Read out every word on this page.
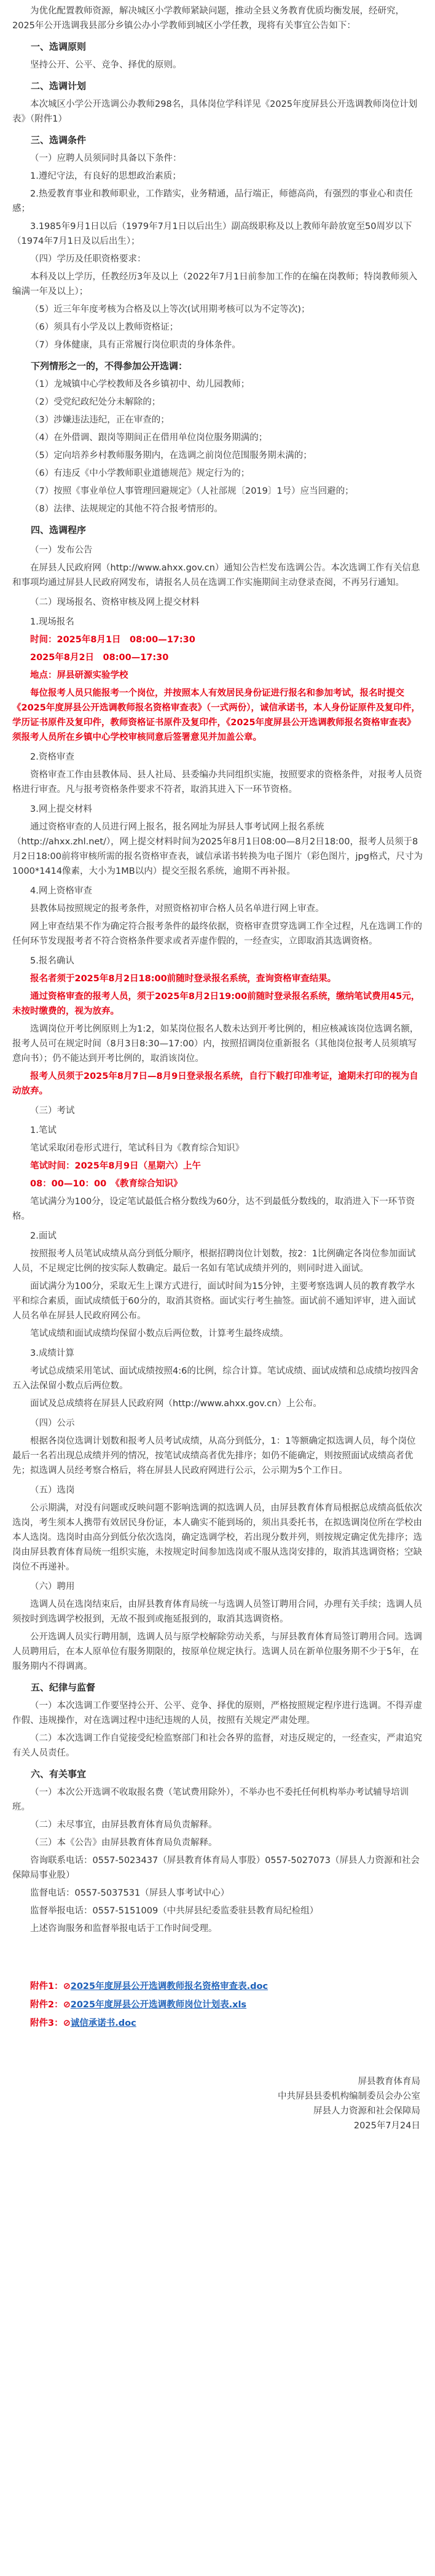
为优化配置教师资源，解决城区小学教师紧缺问题，推动全县义务教育优质均衡发展，经研究，2025年公开选调我县部分乡镇公办小学教师到城区小学任教，现将有关事宜公告如下：

一、选调原则

坚持公开、公平、竞争、择优的原则。

二、选调计划

本次城区小学公开选调公办教师298名，具体岗位学科详见《2025年度屏县公开选调教师岗位计划表》（附件1）

三、选调条件

（一）应聘人员须同时具备以下条件：

1.遵纪守法，有良好的思想政治素质；

2.热爱教育事业和教师职业，工作踏实，业务精通，品行端正，师德高尚，有强烈的事业心和责任感；

3.1985年9月1日以后（1979年7月1日以后出生）副高级职称及以上教师年龄放宽至50周岁以下（1974年7月1日及以后出生）；

（四）学历及任职资格要求：

本科及以上学历，任教经历3年及以上（2022年7月1日前参加工作的在编在岗教师；特岗教师须入编满一年及以上）；

（5）近三年年度考核为合格及以上等次(试用期考核可以为不定等次)；

（6）须具有小学及以上教师资格证；

（7）身体健康，具有正常履行岗位职责的身体条件。

下列情形之一的，不得参加公开选调：

（1）龙城镇中心学校教师及各乡镇初中、幼儿园教师；

（2）受党纪政纪处分未解除的；

（3）涉嫌违法违纪，正在审查的；

（4）在外借调、跟岗等期间正在借用单位岗位服务期满的；

（5）定向培养乡村教师服务期内，在选调之前岗位范围服务期未满的；

（6）有违反《中小学教师职业道德规范》规定行为的；

（7）按照《事业单位人事管理回避规定》（人社部规〔2019〕1号）应当回避的；

（8）法律、法规规定的其他不符合报考情形的。

四、选调程序

（一）发布公告

在屏县人民政府网（http://www.ahxx.gov.cn）通知公告栏发布选调公告。本次选调工作有关信息和事项均通过屏县人民政府网发布，请报名人员在选调工作实施期间主动登录查阅，不再另行通知。

（二）现场报名、资格审核及网上提交材料

1.现场报名

时间：2025年8月1日　08:00—17:30

2025年8月2日　08:00—17:30

地点：屏县研源实验学校

每位报考人员只能报考一个岗位，并按照本人有效居民身份证进行报名和参加考试，报名时提交《2025年度屏县公开选调教师报名资格审查表》（一式两份），诚信承诺书，本人身份证原件及复印件，学历证书原件及复印件，教师资格证书原件及复印件，《2025年度屏县公开选调教师报名资格审查表》须报考人员所在乡镇中心学校审核同意后签署意见并加盖公章。

2.资格审查

资格审查工作由县教体局、县人社局、县委编办共同组织实施，按照要求的资格条件，对报考人员资格进行审查。凡与报考资格条件要求不符者，取消其进入下一环节资格。

3.网上提交材料

通过资格审查的人员进行网上报名，报名网址为屏县人事考试网上报名系统（http://ahxx.zhl.net/），网上提交材料时间为2025年8月1日08:00—8月2日18:00，报考人员须于8月2日18:00前将审核所需的报名资格审查表，诚信承诺书转换为电子图片（彩色图片，jpg格式，尺寸为1000*1414像素，大小为1MB以内）提交至报名系统，逾期不再补报。

4.网上资格审查

县教体局按照规定的报考条件，对照资格初审合格人员名单进行网上审查。

网上审查结果不作为确定符合报考条件的最终依据，资格审查贯穿选调工作全过程，凡在选调工作的任何环节发现报考者不符合资格条件要求或者弄虚作假的，一经查实，立即取消其选调资格。

5.报名确认

报名者须于2025年8月2日18:00前随时登录报名系统，查询资格审查结果。

通过资格审查的报考人员，须于2025年8月2日19:00前随时登录报名系统，缴纳笔试费用45元，未按时缴费的，视为放弃。

选调岗位开考比例原则上为1:2，如某岗位报名人数未达到开考比例的，相应核减该岗位选调名额，报考人员可在规定时间（8月3日8:30—17:00）内，按照招调岗位重新报名（其他岗位报考人员须填写意向书）；仍不能达到开考比例的，取消该岗位。

报考人员须于2025年8月7日—8月9日登录报名系统，自行下载打印准考证，逾期未打印的视为自动放弃。

（三）考试

1.笔试

笔试采取闭卷形式进行，笔试科目为《教育综合知识》

笔试时间：2025年8月9日（星期六）上午

08：00—10：00　《教育综合知识》

笔试满分为100分，设定笔试最低合格分数线为60分，达不到最低分数线的，取消进入下一环节资格。

2.面试

按照报考人员笔试成绩从高分到低分顺序，根据招聘岗位计划数，按2：1比例确定各岗位参加面试人员，不足规定比例的按实际人数确定。最后一名如有笔试成绩并列的，则同时进入面试。

面试满分为100分，采取无生上课方式进行，面试时间为15分钟，主要考察选调人员的教育教学水平和综合素质，面试成绩低于60分的，取消其资格。面试实行考生抽签。面试前不通知评审，进入面试人员名单在屏县人民政府网公布。

笔试成绩和面试成绩均保留小数点后两位数，计算考生最终成绩。

3.成绩计算

考试总成绩采用笔试、面试成绩按照4:6的比例，综合计算。笔试成绩、面试成绩和总成绩均按四舍五入法保留小数点后两位数。

面试及总成绩将在屏县人民政府网（http://www.ahxx.gov.cn）上公布。

（四）公示

根据各岗位选调计划数和报考人员考试成绩，从高分到低分，1：1等额确定拟选调人员，每个岗位最后一名若出现总成绩并列的情况，按笔试成绩高者优先排序；如仍不能确定，则按照面试成绩高者优先；拟选调人员经考察合格后，将在屏县人民政府网进行公示，公示期为5个工作日。

（五）选岗

公示期满，对没有问题或反映问题不影响选调的拟选调人员，由屏县教育体育局根据总成绩高低依次选岗，考生须本人携带有效居民身份证，本人确实不能到场的，须出具委托书，在拟选调岗位所在学校由本人选岗。选岗时由高分到低分依次选岗，确定选调学校，若出现分数并列，则按规定确定优先排序；选岗由屏县教育体育局统一组织实施，未按规定时间参加选岗或不服从选岗安排的，取消其选调资格；空缺岗位不再递补。

（六）聘用

选调人员在选岗结束后，由屏县教育体育局统一与选调人员签订聘用合同，办理有关手续；选调人员须按时到选调学校报到，无故不报到或拖延报到的，取消其选调资格。

公开选调人员实行聘用制，选调人员与原学校解除劳动关系，与屏县教育体育局签订聘用合同。选调人员聘用后，在本人原单位有服务期限的，按原单位规定执行。选调人员在新单位服务期不少于5年，在服务期内不得调离。

五、纪律与监督

（一）本次选调工作要坚持公开、公平、竞争、择优的原则，严格按照规定程序进行选调。不得弄虚作假、违规操作，对在选调过程中违纪违规的人员，按照有关规定严肃处理。

（二）本次选调工作自觉接受纪检监察部门和社会各界的监督，对违反规定的，一经查实，严肃追究有关人员责任。

六、有关事宜

（一）本次公开选调不收取报名费（笔试费用除外），不举办也不委托任何机构举办考试辅导培训班。

（二）未尽事宜，由屏县教育体育局负责解释。

（三）本《公告》由屏县教育体育局负责解释。

咨询联系电话：0557-5023437（屏县教育体育局人事股）0557-5027073（屏县人力资源和社会保障局事业股）

监督电话：0557-5037531（屏县人事考试中心）

监督举报电话：0557-5151009（中共屏县纪委监委驻县教育局纪检组）

上述咨询服务和监督举报电话于工作时间受理。

附件1：⊘2025年度屏县公开选调教师报名资格审查表.doc

附件2：⊘2025年度屏县公开选调教师岗位计划表.xls

附件3：⊘诚信承诺书.doc

屏县教育体育局

中共屏县县委机构编制委员会办公室

屏县人力资源和社会保障局

2025年7月24日
